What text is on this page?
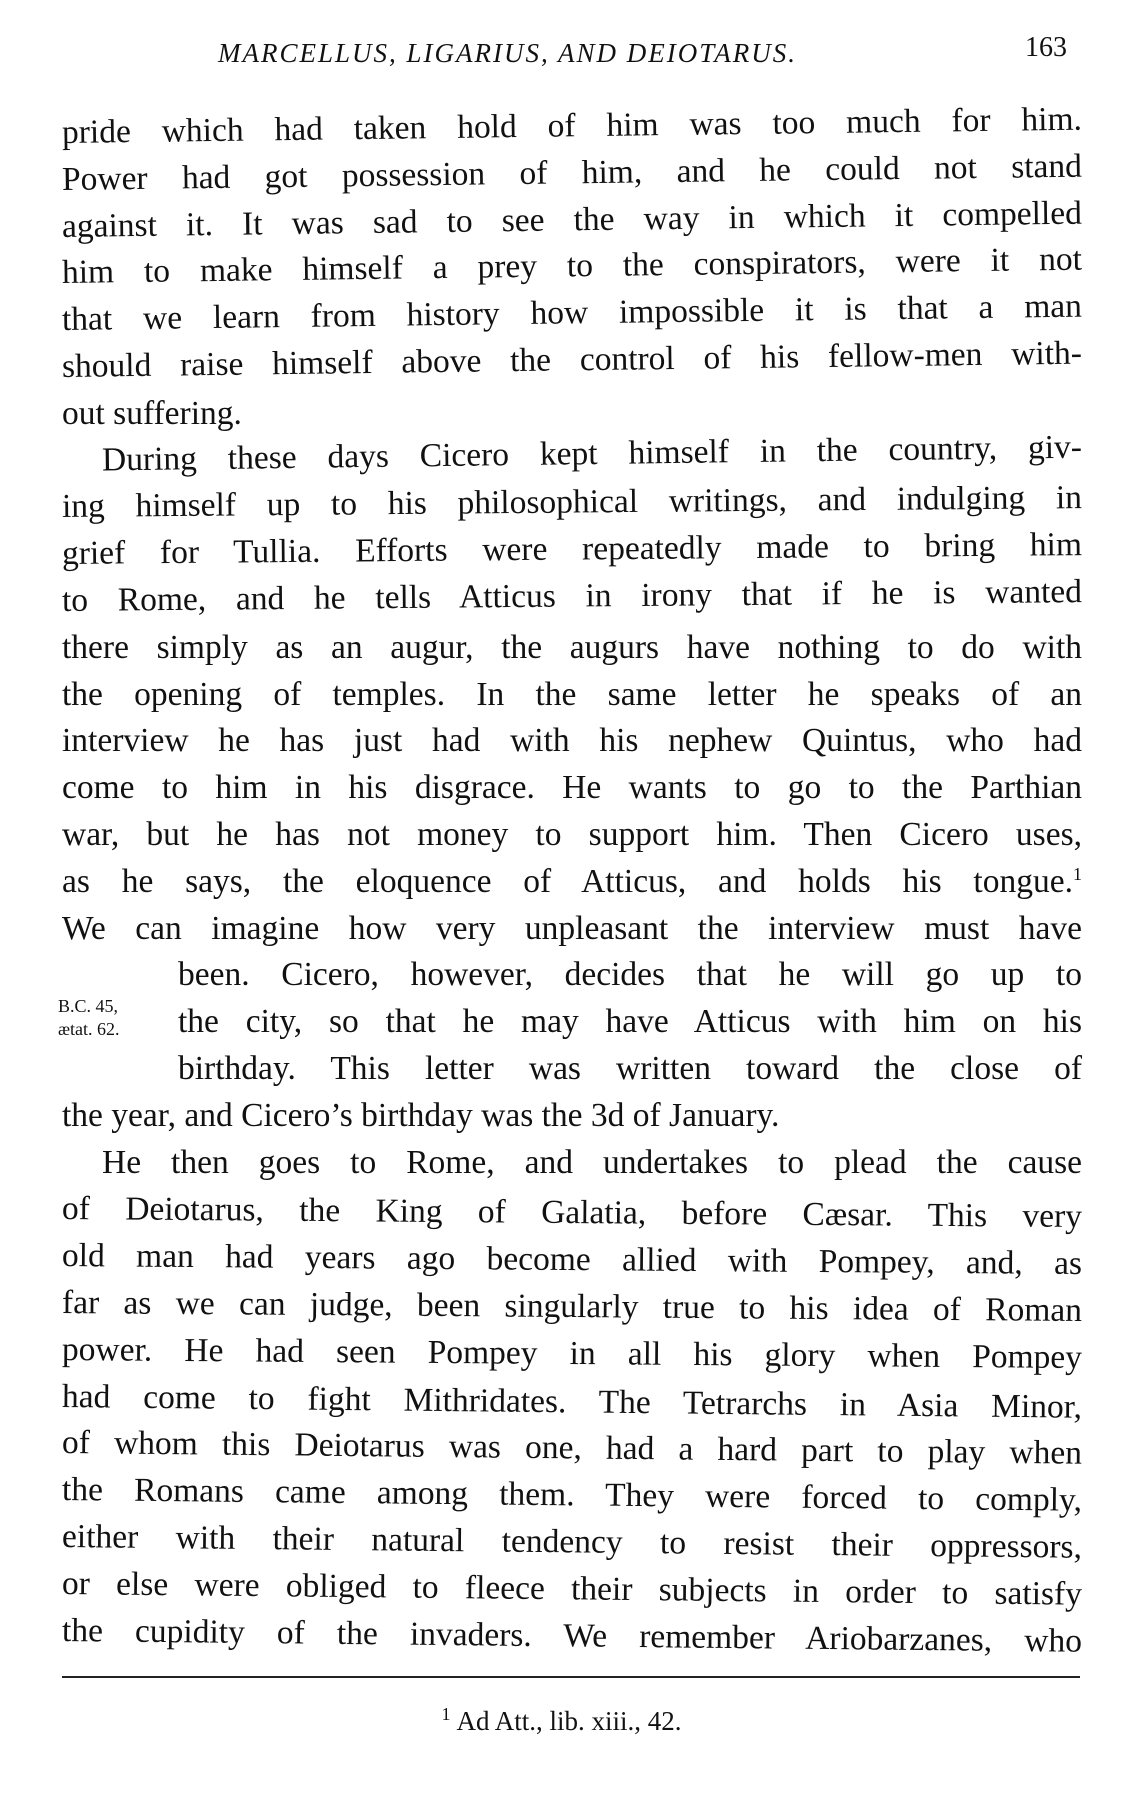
MARCELLUS, LIGARIUS, AND DEIOTARUS.	163
pride which had taken hold of him was too much for him.
Power had got possession of him, and he could not stand
against it. It was sad to see the way in which it compelled
him to make himself a prey to the conspirators, were it not
that we learn from history how impossible it is that a man
should raise himself above the control of his fellow-men with-
out suffering.
During these days Cicero kept himself in the country, giv-
ing himself up to his philosophical writings, and indulging in
grief for Tullia. Efforts were repeatedly made to bring him
to Rome, and he tells Atticus in irony that if he is wanted
there simply as an augur, the augurs have nothing to do with
the opening of temples. In the same letter he speaks of an
interview he has just had with his nephew Quintus, who had
come to him in his disgrace. He wants to go to the Parthian
war, but he has not money to support him. Then Cicero uses,
as he says, the eloquence of Atticus, and holds his tongue.$^1$
We can imagine how very unpleasant the interview must have
been. Cicero, however, decides that he will go up to
the city, so that he may have Atticus with him on his
birthday. This letter was written toward the close of
the year, and Cicero’s birthday was the 3d of January.
He then goes to Rome, and undertakes to plead the cause
of Deiotarus, the King of Galatia, before Cæsar. This very
old man had years ago become allied with Pompey, and, as
far as we can judge, been singularly true to his idea of Roman
power. He had seen Pompey in all his glory when Pompey
had come to fight Mithridates. The Tetrarchs in Asia Minor,
of whom this Deiotarus was one, had a hard part to play when
the Romans came among them. They were forced to comply,
either with their natural tendency to resist their oppressors,
or else were obliged to fleece their subjects in order to satisfy
the cupidity of the invaders. We remember Ariobarzanes, who
B.C. 45,
ætat. 62.
$^1$ Ad Att., lib. xiii., 42.
